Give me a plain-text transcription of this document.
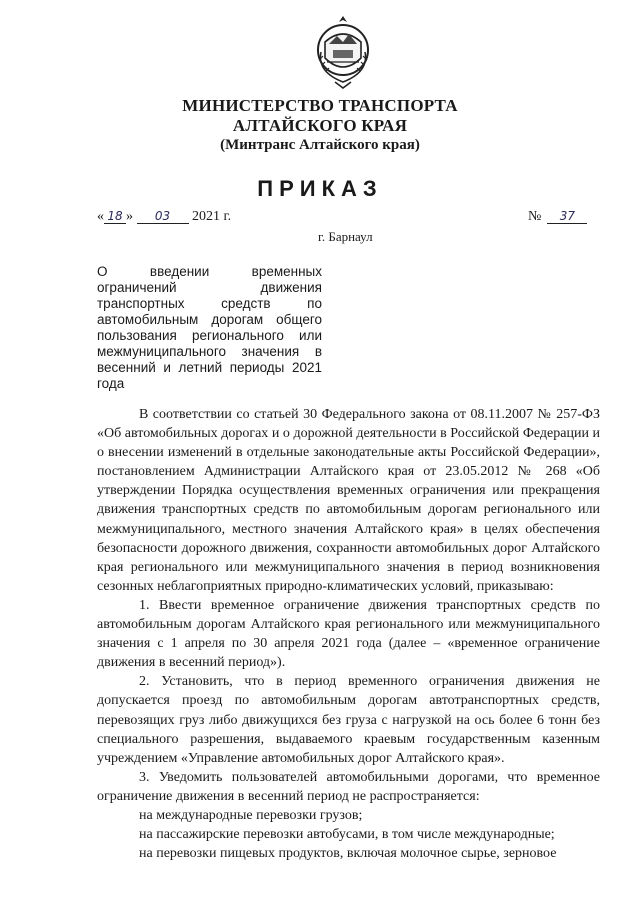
МИНИСТЕРСТВО ТРАНСПОРТА
АЛТАЙСКОГО КРАЯ
(Минтранс Алтайского края)
ПРИКАЗ
« 18 » 03 2021 г.	№ 37
г. Барнаул
О введении временных ограничений движения транспортных средств по автомобильным дорогам общего пользования регионального или межмуниципального значения в весенний и летний периоды 2021 года

В соответствии со статьей 30 Федерального закона от 08.11.2007 № 257-ФЗ «Об автомобильных дорогах и о дорожной деятельности в Российской Федерации и о внесении изменений в отдельные законодательные акты Российской Федерации», постановлением Администрации Алтайского края от 23.05.2012 № 268 «Об утверждении Порядка осуществления временных ограничения или прекращения движения транспортных средств по автомобильным дорогам регионального или межмуниципального, местного значения Алтайского края» в целях обеспечения безопасности дорожного движения, сохранности автомобильных дорог Алтайского края регионального или межмуниципального значения в период возникновения сезонных неблагоприятных природно-климатических условий, приказываю:

1. Ввести временное ограничение движения транспортных средств по автомобильным дорогам Алтайского края регионального или межмуниципального значения с 1 апреля по 30 апреля 2021 года (далее – «временное ограничение движения в весенний период»).

2. Установить, что в период временного ограничения движения не допускается проезд по автомобильным дорогам автотранспортных средств, перевозящих груз либо движущихся без груза с нагрузкой на ось более 6 тонн без специального разрешения, выдаваемого краевым государственным казенным учреждением «Управление автомобильных дорог Алтайского края».

3. Уведомить пользователей автомобильными дорогами, что временное ограничение движения в весенний период не распространяется:

на международные перевозки грузов;

на пассажирские перевозки автобусами, в том числе международные;

на перевозки пищевых продуктов, включая молочное сырье, зерновое
